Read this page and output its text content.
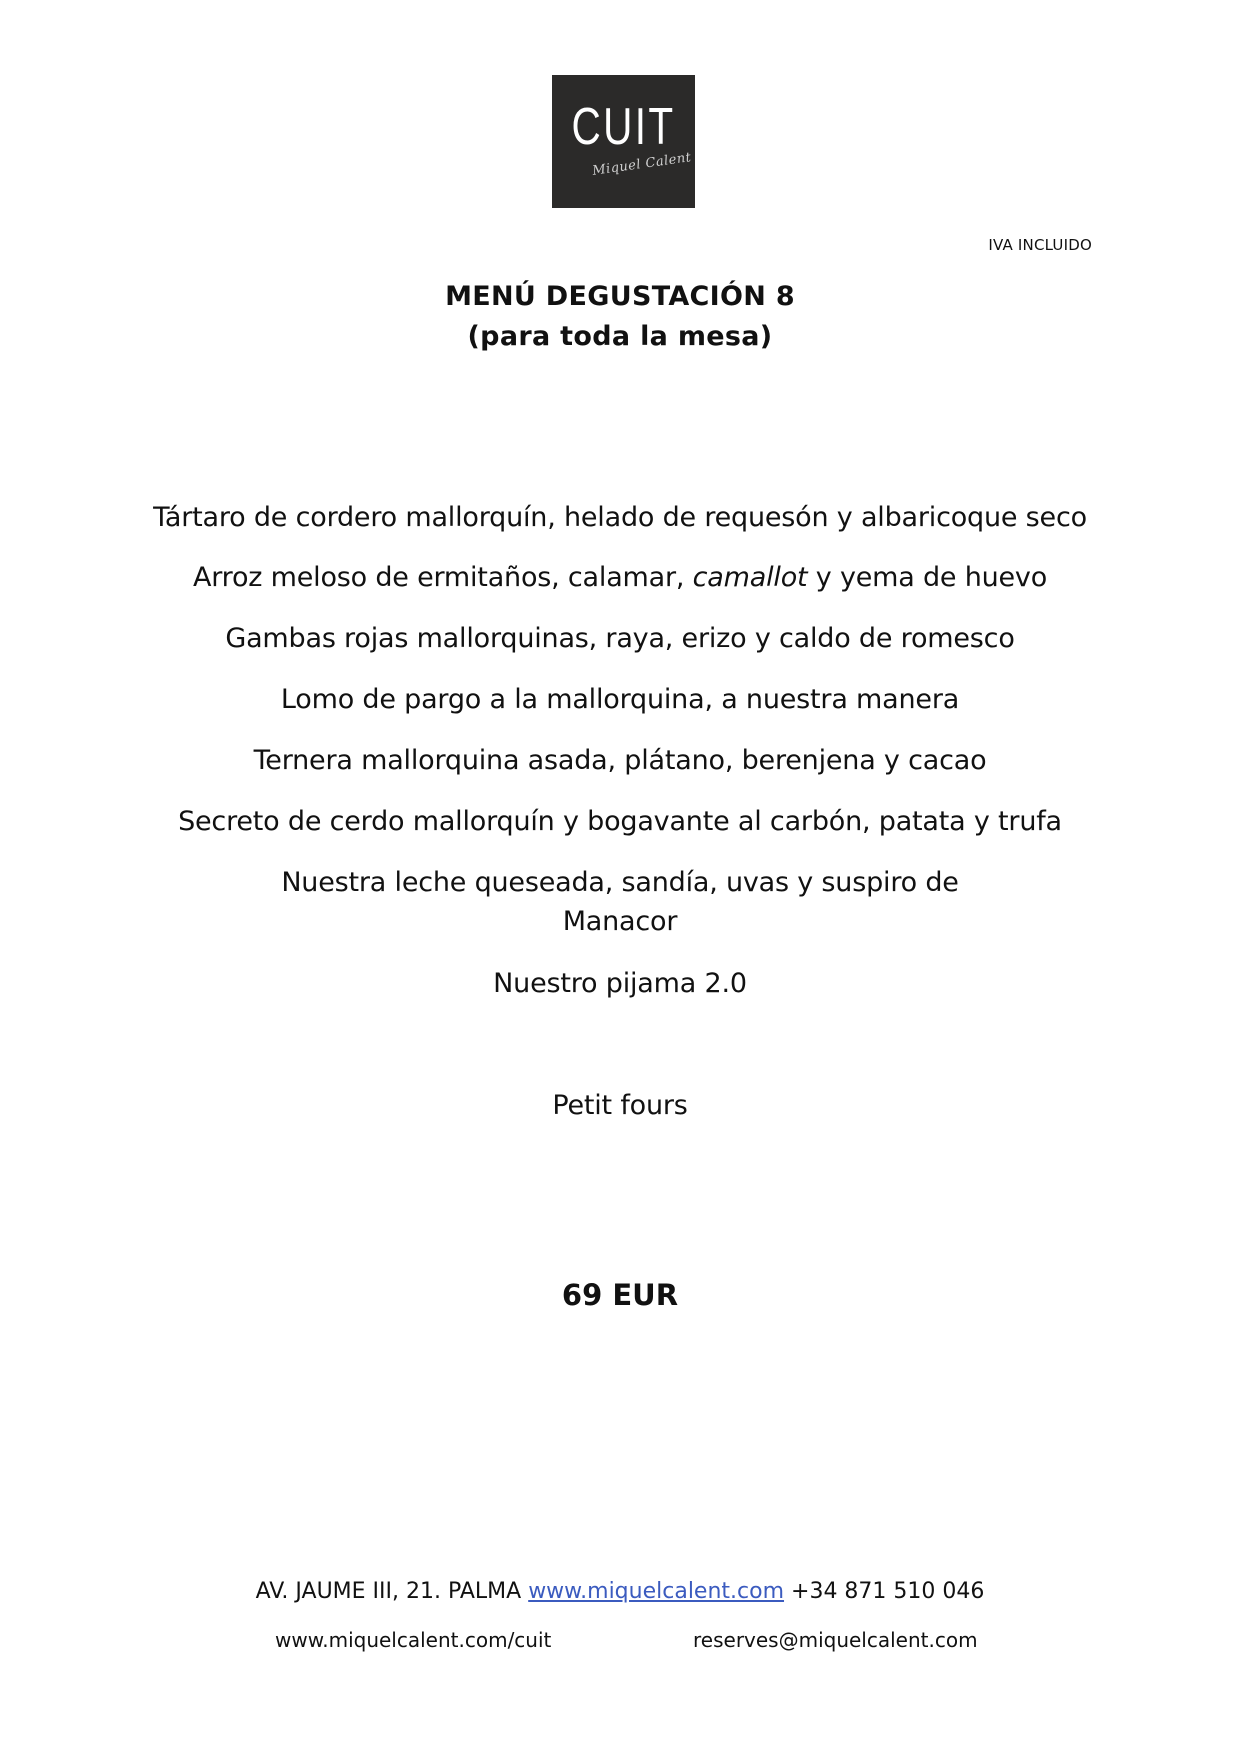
CUIT
Miquel Calent
IVA INCLUIDO
MENÚ DEGUSTACIÓN 8
(para toda la mesa)
Tártaro de cordero mallorquín, helado de requesón y albaricoque seco
Arroz meloso de ermitaños, calamar, camallot y yema de huevo
Gambas rojas mallorquinas, raya, erizo y caldo de romesco
Lomo de pargo a la mallorquina, a nuestra manera
Ternera mallorquina asada, plátano, berenjena y cacao
Secreto de cerdo mallorquín y bogavante al carbón, patata y trufa
Nuestra leche queseada, sandía, uvas y suspiro de
Manacor
Nuestro pijama 2.0
Petit fours
69 EUR
AV. JAUME III, 21. PALMA www.miquelcalent.com +34 871 510 046
www.miquelcalent.com/cuit	reserves@miquelcalent.com
